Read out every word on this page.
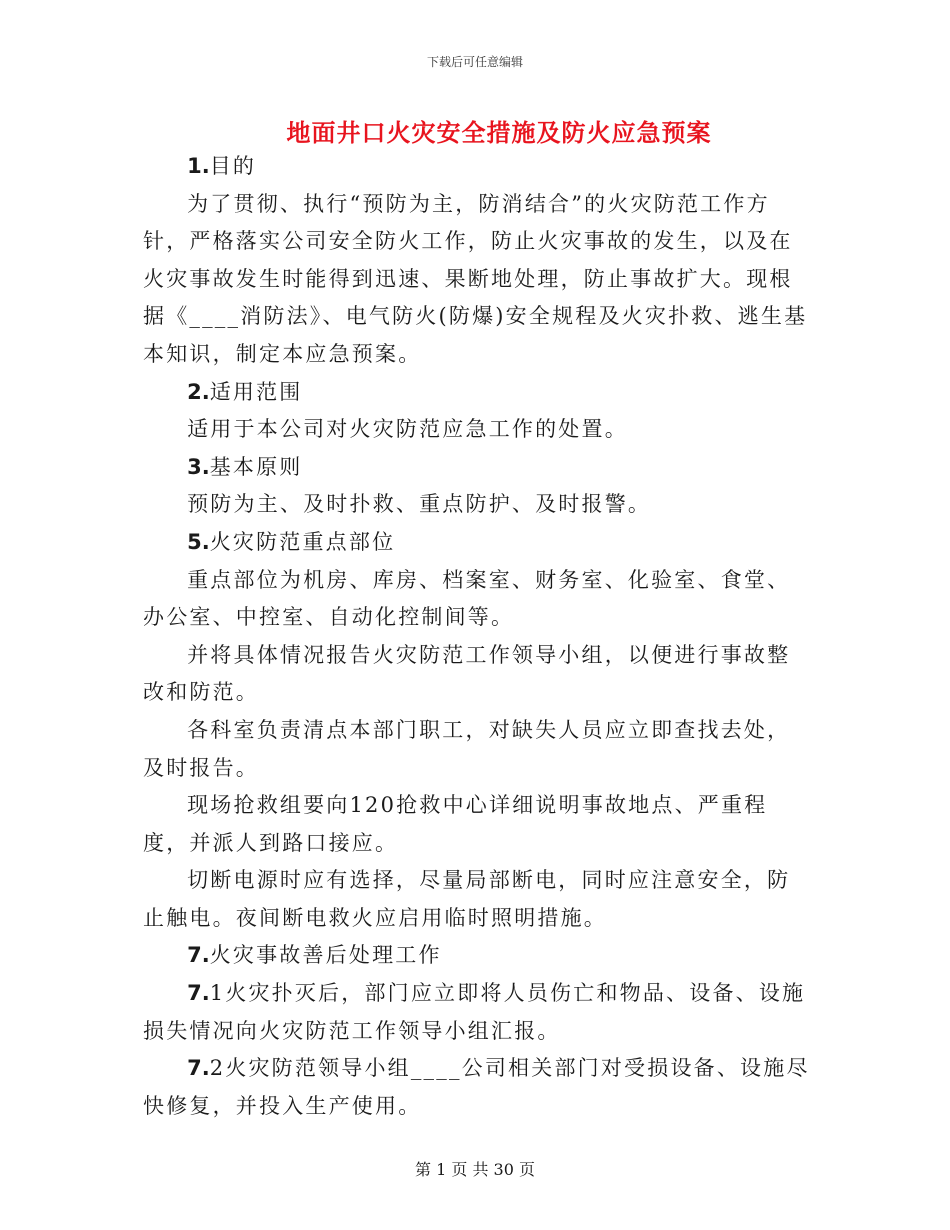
下载后可任意编辑
地面井口火灾安全措施及防火应急预案

1.目的

为了贯彻、执行“预防为主，防消结合”的火灾防范工作方针，严格落实公司安全防火工作，防止火灾事故的发生，以及在火灾事故发生时能得到迅速、果断地处理，防止事故扩大。现根据《____消防法》、电气防火(防爆)安全规程及火灾扑救、逃生基本知识，制定本应急预案。

2.适用范围

适用于本公司对火灾防范应急工作的处置。

3.基本原则

预防为主、及时扑救、重点防护、及时报警。

5.火灾防范重点部位

重点部位为机房、库房、档案室、财务室、化验室、食堂、办公室、中控室、自动化控制间等。

并将具体情况报告火灾防范工作领导小组，以便进行事故整改和防范。

各科室负责清点本部门职工，对缺失人员应立即查找去处，及时报告。

现场抢救组要向120抢救中心详细说明事故地点、严重程度，并派人到路口接应。

切断电源时应有选择，尽量局部断电，同时应注意安全，防止触电。夜间断电救火应启用临时照明措施。

7.火灾事故善后处理工作

7.1火灾扑灭后，部门应立即将人员伤亡和物品、设备、设施损失情况向火灾防范工作领导小组汇报。

7.2火灾防范领导小组____公司相关部门对受损设备、设施尽快修复，并投入生产使用。

第 1 页 共 30 页
